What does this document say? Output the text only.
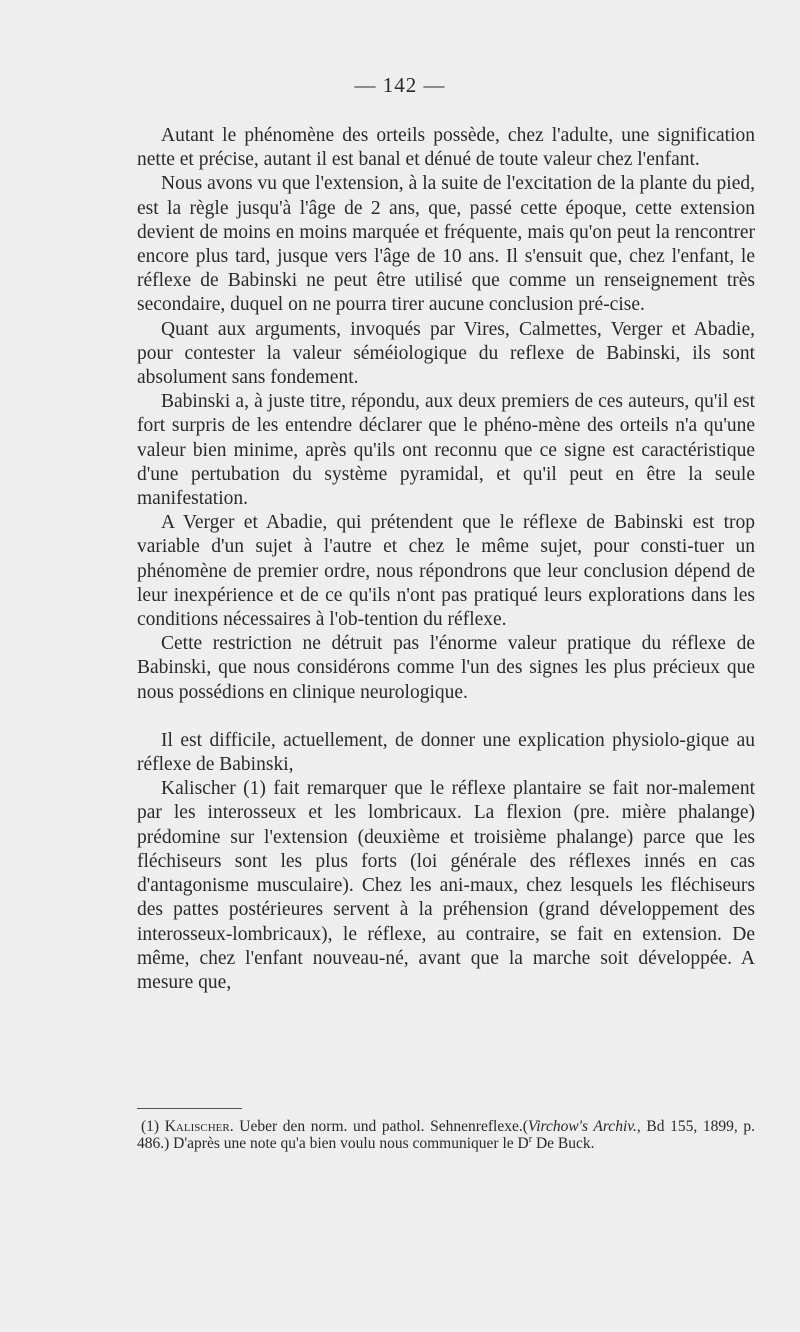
— 142 —

Autant le phénomène des orteils possède, chez l'adulte, une signification nette et précise, autant il est banal et dénué de toute valeur chez l'enfant.

Nous avons vu que l'extension, à la suite de l'excitation de la plante du pied, est la règle jusqu'à l'âge de 2 ans, que, passé cette époque, cette extension devient de moins en moins marquée et fréquente, mais qu'on peut la rencontrer encore plus tard, jusque vers l'âge de 10 ans. Il s'ensuit que, chez l'enfant, le réflexe de Babinski ne peut être utilisé que comme un renseignement très secondaire, duquel on ne pourra tirer aucune conclusion pré-cise.

Quant aux arguments, invoqués par Vires, Calmettes, Verger et Abadie, pour contester la valeur séméiologique du reflexe de Babinski, ils sont absolument sans fondement.

Babinski a, à juste titre, répondu, aux deux premiers de ces auteurs, qu'il est fort surpris de les entendre déclarer que le phéno-mène des orteils n'a qu'une valeur bien minime, après qu'ils ont reconnu que ce signe est caractéristique d'une pertubation du système pyramidal, et qu'il peut en être la seule manifestation.

A Verger et Abadie, qui prétendent que le réflexe de Babinski est trop variable d'un sujet à l'autre et chez le même sujet, pour consti-tuer un phénomène de premier ordre, nous répondrons que leur conclusion dépend de leur inexpérience et de ce qu'ils n'ont pas pratiqué leurs explorations dans les conditions nécessaires à l'ob-tention du réflexe.

Cette restriction ne détruit pas l'énorme valeur pratique du réflexe de Babinski, que nous considérons comme l'un des signes les plus précieux que nous possédions en clinique neurologique.

Il est difficile, actuellement, de donner une explication physiolo-gique au réflexe de Babinski,

Kalischer (1) fait remarquer que le réflexe plantaire se fait nor-malement par les interosseux et les lombricaux. La flexion (pre. mière phalange) prédomine sur l'extension (deuxième et troisième phalange) parce que les fléchiseurs sont les plus forts (loi générale des réflexes innés en cas d'antagonisme musculaire). Chez les ani-maux, chez lesquels les fléchiseurs des pattes postérieures servent à la préhension (grand développement des interosseux-lombricaux), le réflexe, au contraire, se fait en extension. De même, chez l'enfant nouveau-né, avant que la marche soit développée. A mesure que,

(1) Kalischer. Ueber den norm. und pathol. Sehnenreflexe.(Virchow's Archiv., Bd 155, 1899, p. 486.) D'après une note qu'a bien voulu nous communiquer le $D^r$ De Buck.
